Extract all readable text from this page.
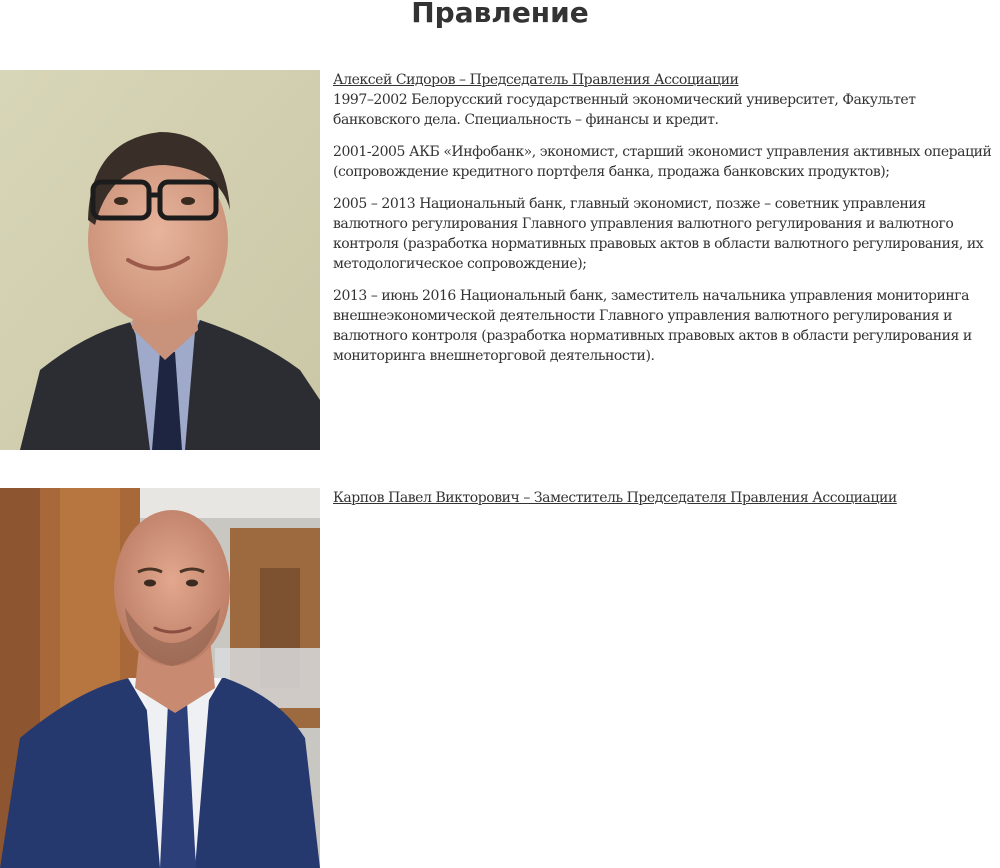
Правление
Алексей Сидоров – Председатель Правления Ассоциации

1997–2002 Белорусский государственный экономический университет, Факультет банковского дела. Специальность – финансы и кредит.

2001-2005 АКБ «Инфобанк», экономист, старший экономист управления активных операций (сопровождение кредитного портфеля банка, продажа банковских продуктов);

2005 – 2013 Национальный банк, главный экономист, позже – советник управления валютного регулирования Главного управления валютного регулирования и валютного контроля (разработка нормативных правовых актов в области валютного регулирования, их методологическое сопровождение);

2013 – июнь 2016 Национальный банк, заместитель начальника управления мониторинга внешнеэкономической деятельности Главного управления валютного регулирования и валютного контроля (разработка нормативных правовых актов в области регулирования и мониторинга внешнеторговой деятельности).

Карпов Павел Викторович – Заместитель Председателя Правления Ассоциации
